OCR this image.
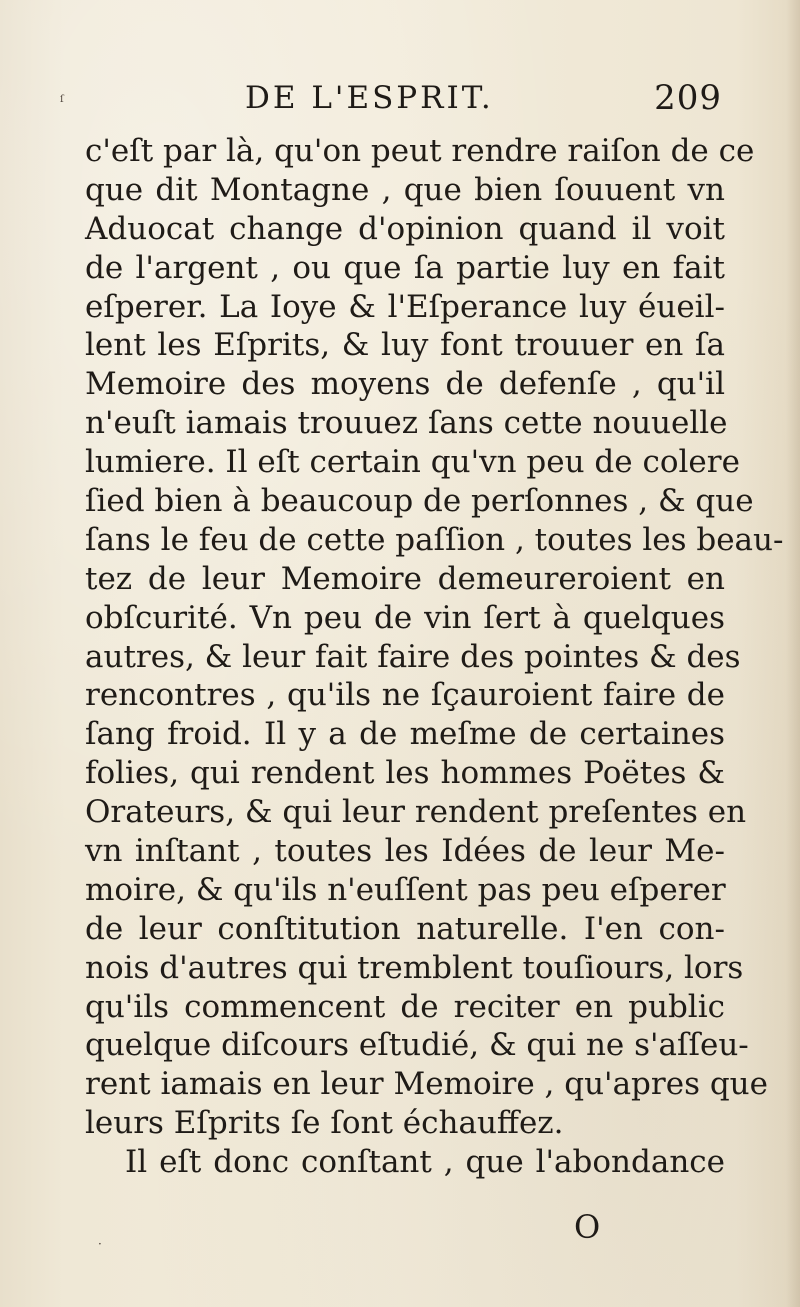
ſ	DE L'ESPRIT.	209
c'eſt par là, qu'on peut rendre raiſon de ce
que dit Montagne , que bien ſouuent vn
Aduocat change d'opinion quand il voit
de l'argent , ou que ſa partie luy en fait
eſperer. La Ioye & l'Eſperance luy éueil-
lent les Eſprits, & luy font trouuer en ſa
Memoire des moyens de defenſe , qu'il
n'euſt iamais trouuez ſans cette nouuelle
lumiere. Il eſt certain qu'vn peu de colere
ſied bien à beaucoup de perſonnes , & que
ſans le feu de cette paſſion , toutes les beau-
tez de leur Memoire demeureroient en
obſcurité. Vn peu de vin ſert à quelques
autres, & leur fait faire des pointes & des
rencontres , qu'ils ne ſçauroient faire de
ſang froid. Il y a de meſme de certaines
folies, qui rendent les hommes Poëtes &
Orateurs, & qui leur rendent preſentes en
vn inſtant , toutes les Idées de leur Me-
moire, & qu'ils n'euſſent pas peu eſperer
de leur conſtitution naturelle. I'en con-
nois d'autres qui tremblent touſiours, lors
qu'ils commencent de reciter en public
quelque diſcours eſtudié, & qui ne s'aſſeu-
rent iamais en leur Memoire , qu'apres que
leurs Eſprits ſe ſont échauffez.
Il eſt donc conſtant , que l'abondance
O
·
